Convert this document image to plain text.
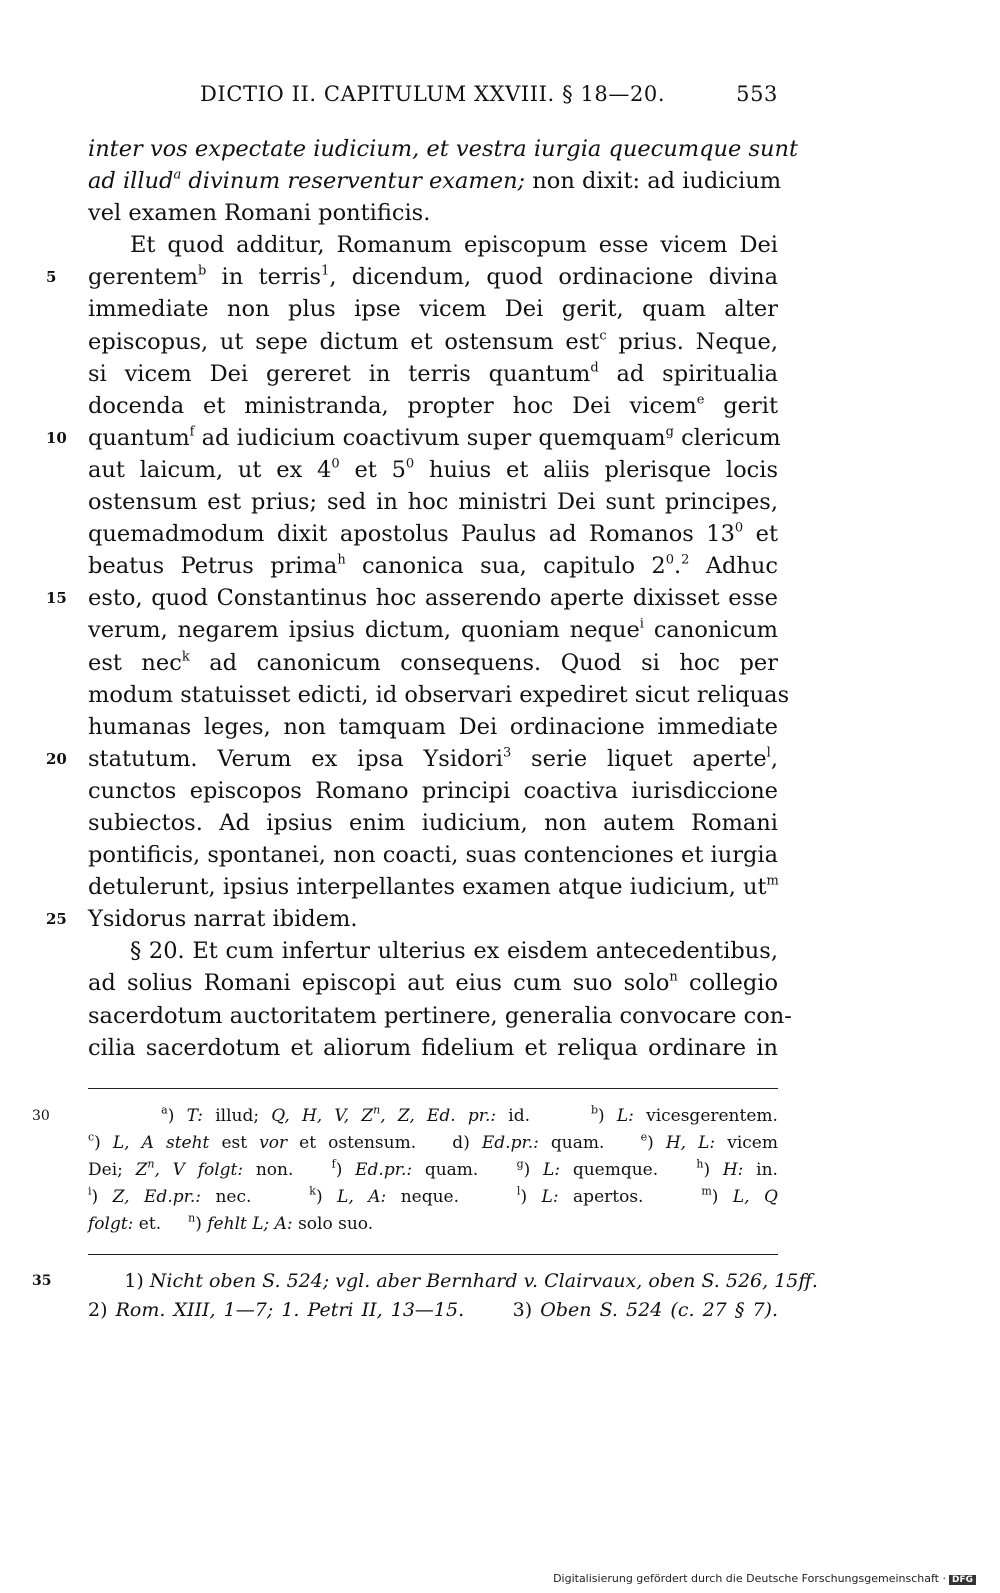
DICTIO II. CAPITULUM XXVIII. § 18—20.	553
inter vos expectate iudicium, et vestra iurgia quecumque sunt
ad illud$^a$ divinum reserventur examen; non dixit: ad iudicium
vel examen Romani pontificis.
Et quod additur, Romanum episcopum esse vicem Dei
gerentem$^b$ in terris$^1$, dicendum, quod ordinacione divina
5
immediate non plus ipse vicem Dei gerit, quam alter
episcopus, ut sepe dictum et ostensum est$^c$ prius. Neque,
si vicem Dei gereret in terris quantum$^d$ ad spiritualia
docenda et ministranda, propter hoc Dei vicem$^e$ gerit
quantum$^f$ ad iudicium coactivum super quemquam$^g$ clericum
10
aut laicum, ut ex $4^0$ et $5^0$ huius et aliis plerisque locis
ostensum est prius; sed in hoc ministri Dei sunt principes,
quemadmodum dixit apostolus Paulus ad Romanos $13^0$ et
beatus Petrus prima$^h$ canonica sua, capitulo $2^0.^2$ Adhuc
esto, quod Constantinus hoc asserendo aperte dixisset esse
15
verum, negarem ipsius dictum, quoniam neque$^i$ canonicum
est nec$^k$ ad canonicum consequens. Quod si hoc per
modum statuisset edicti, id observari expediret sicut reliquas
humanas leges, non tamquam Dei ordinacione immediate
statutum. Verum ex ipsa Ysidori$^3$ serie liquet aperte$^l$,
20
cunctos episcopos Romano principi coactiva iurisdiccione
subiectos. Ad ipsius enim iudicium, non autem Romani
pontificis, spontanei, non coacti, suas contenciones et iurgia
detulerunt, ipsius interpellantes examen atque iudicium, $ut^m$
Ysidorus narrat ibidem.
25
§ 20. Et cum infertur ulterius ex eisdem antecedentibus,
ad solius Romani episcopi aut eius cum suo solo$^n$ collegio
sacerdotum auctoritatem pertinere, generalia convocare con-
cilia sacerdotum et aliorum fidelium et reliqua ordinare in
$^a$) T: illud; Q, H, V, $Z^n$, Z, Ed. pr.: id.     $^b$) L: vicesgerentem.
30
$^c$) L, A steht est vor et ostensum.   d) Ed.pr.: quam.   $^e$) H, L: vicem
Dei; $Z^n$, V folgt: non.   $^f$) Ed.pr.: quam.   $^g$) L: quemque.   $^h$) H: in.
$^i$) Z, Ed.pr.: nec.    $^k$) L, A: neque.    $^l$) L: apertos.    $^m$) L, Q
folgt: et.     $^n$) fehlt L; A: solo suo.
1) Nicht oben S. 524; vgl. aber Bernhard v. Clairvaux, oben S. 526, 15ff.
35
2) Rom. XIII, 1—7; 1. Petri II, 13—15.      3) Oben S. 524 (c. 27 § 7).
Digitalisierung gefördert durch die Deutsche Forschungsgemeinschaft · DFG
